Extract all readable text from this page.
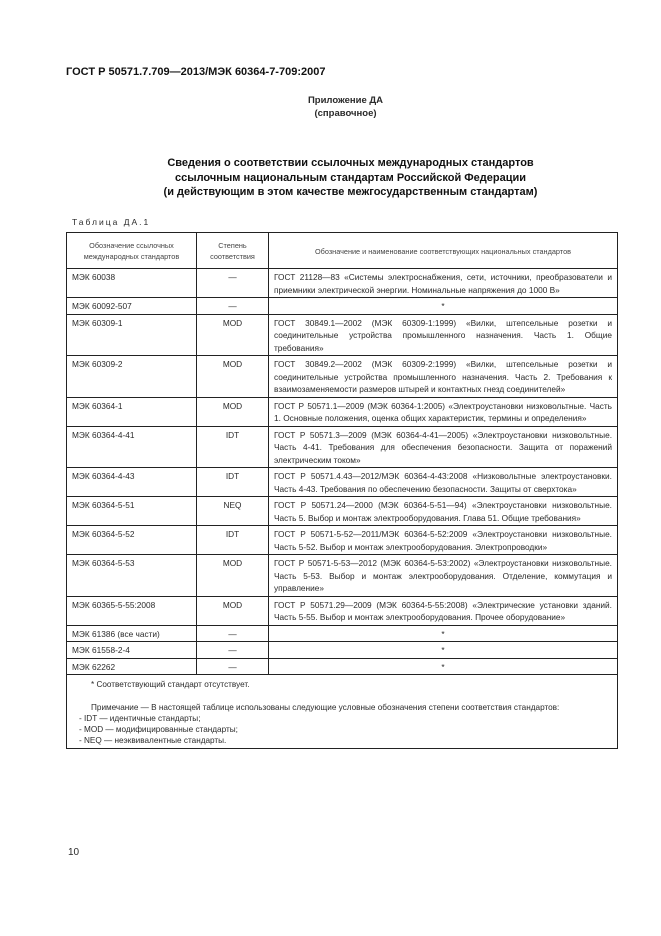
ГОСТ Р 50571.7.709—2013/МЭК 60364-7-709:2007
Приложение ДА
(справочное)
Сведения о соответствии ссылочных международных стандартов
ссылочным национальным стандартам Российской Федерации
(и действующим в этом качестве межгосударственным стандартам)
Таблица ДА.1
Обозначение ссылочных международных стандартов	Степень соответствия	Обозначение и наименование соответствующих национальных стандартов
МЭК 60038	—	ГОСТ 21128—83 «Системы электроснабжения, сети, источники, преобразователи и приемники электрической энергии. Номинальные напряжения до 1000 В»
МЭК 60092-507	—	*
МЭК 60309-1	MOD	ГОСТ 30849.1—2002 (МЭК 60309-1:1999) «Вилки, штепсельные розетки и соединительные устройства промышленного назначения. Часть 1. Общие требования»
МЭК 60309-2	MOD	ГОСТ 30849.2—2002 (МЭК 60309-2:1999) «Вилки, штепсельные розетки и соединительные устройства промышленного назначения. Часть 2. Требования к взаимозаменяемости размеров штырей и контактных гнезд соединителей»
МЭК 60364-1	MOD	ГОСТ Р 50571.1—2009 (МЭК 60364-1:2005) «Электроустановки низковольтные. Часть 1. Основные положения, оценка общих характеристик, термины и определения»
МЭК 60364-4-41	IDT	ГОСТ Р 50571.3—2009 (МЭК 60364-4-41—2005) «Электроустановки низковольтные. Часть 4-41. Требования для обеспечения безопасности. Защита от поражений электрическим током»
МЭК 60364-4-43	IDT	ГОСТ Р 50571.4.43—2012/МЭК 60364-4-43:2008 «Низковольтные электроустановки. Часть 4-43. Требования по обеспечению безопасности. Защиты от сверхтока»
МЭК 60364-5-51	NEQ	ГОСТ Р 50571.24—2000 (МЭК 60364-5-51—94) «Электроустановки низковольтные. Часть 5. Выбор и монтаж электрооборудования. Глава 51. Общие требования»
МЭК 60364-5-52	IDT	ГОСТ Р 50571-5-52—2011/МЭК 60364-5-52:2009 «Электроустановки низковольтные. Часть 5-52. Выбор и монтаж электрооборудования. Электропроводки»
МЭК 60364-5-53	MOD	ГОСТ Р 50571-5-53—2012 (МЭК 60364-5-53:2002) «Электроустановки низковольтные. Часть 5-53. Выбор и монтаж электрооборудования. Отделение, коммутация и управление»
МЭК 60365-5-55:2008	MOD	ГОСТ Р 50571.29—2009 (МЭК 60364-5-55:2008) «Электрические установки зданий. Часть 5-55. Выбор и монтаж электрооборудования. Прочее оборудование»
МЭК 61386 (все части)	—	*
МЭК 61558-2-4	—	*
МЭК 62262	—	*

* Соответствующий стандарт отсутствует.
Примечание — В настоящей таблице использованы следующие условные обозначения степени соответствия стандартов:
- IDT — идентичные стандарты;
- MOD — модифицированные стандарты;
- NEQ — неэквивалентные стандарты.		
10
